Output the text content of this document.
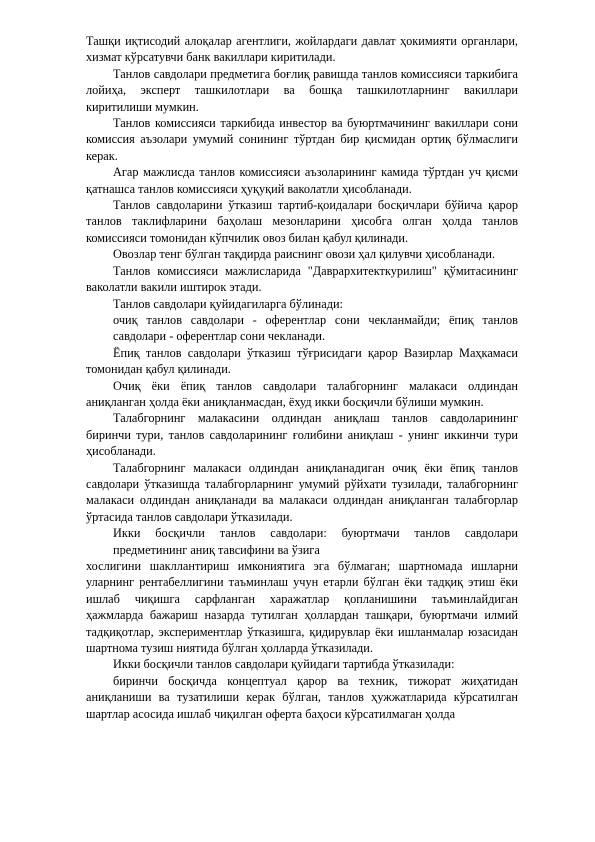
Ташқи иқтисодий алоқалар агентлиги, жойлардаги давлат ҳокимияти органлари, хизмат кўрсатувчи банк вакиллари киритилади.

Танлов савдолари предметига боғлиқ равишда танлов комиссияси таркибига лойиҳа, эксперт ташкилотлари ва бошқа ташкилотларнинг вакиллари киритилиши мумкин.

Танлов комиссияси таркибида инвестор ва буюртмачининг вакиллари сони комиссия аъзолари умумий сонининг тўртдан бир қисмидан ортиқ бўлмаслиги керак.

Агар мажлисда танлов комиссияси аъзоларининг камида тўртдан уч қисми қатнашса танлов комиссияси ҳуқуқий ваколатли ҳисобланади.

Танлов савдоларини ўтказиш тартиб-қоидалари босқичлари бўйича қарор танлов таклифларини баҳолаш мезонларини ҳисобга олган ҳолда танлов комиссияси томонидан кўпчилик овоз билан қабул қилинади.

Овозлар тенг бўлган тақдирда раиснинг овози ҳал қилувчи ҳисобланади.

Танлов комиссияси мажлисларида "Даврархитекткурилиш" қўмитасининг ваколатли вакили иштирок этади.

Танлов савдолари қуйидагиларга бўлинади:

очиқ танлов савдолари - оферентлар сони чекланмайди; ёпиқ танлов савдолари - оферентлар сони чекланади.

Ёпиқ танлов савдолари ўтказиш тўғрисидаги қарор Вазирлар Маҳкамаси томонидан қабул қилинади.

Очиқ ёки ёпиқ танлов савдолари талабгорнинг малакаси олдиндан аниқланган ҳолда ёки аниқланмасдан, ёхуд икки босқичли бўлиши мумкин.

Талабгорнинг малакасини олдиндан аниқлаш танлов савдоларининг биринчи тури, танлов савдоларининг ғолибини аниқлаш - унинг иккинчи тури ҳисобланади.

Талабгорнинг малакаси олдиндан аниқланадиган очиқ ёки ёпиқ танлов савдолари ўтказишда талабгорларнинг умумий рўйхати тузилади, талабгорнинг малакаси олдиндан аниқланади ва малакаси олдиндан аниқланган талабгорлар ўртасида танлов савдолари ўтказилади.

Икки босқичли танлов савдолари: буюртмачи танлов савдолари предметининг аниқ тавсифини ва ўзига

хослигини шакллантириш имкониятига эга бўлмаган; шартномада ишларни уларнинг рентабеллигини таъминлаш учун етарли бўлган ёки тадқиқ этиш ёки ишлаб чиқишга сарфланган харажатлар қопланишини таъминлайдиган ҳажмларда бажариш назарда тутилган ҳоллардан ташқари, буюртмачи илмий тадқиқотлар, экспериментлар ўтказишга, қидирувлар ёки ишланмалар юзасидан шартнома тузиш ниятида бўлган ҳолларда ўтказилади.

Икки босқичли танлов савдолари қуйидаги тартибда ўтказилади:

биринчи босқичда концептуал қарор ва техник, тижорат жиҳатидан аниқланиши ва тузатилиши керак бўлган, танлов ҳужжатларида кўрсатилган шартлар асосида ишлаб чиқилган оферта баҳоси кўрсатилмаган ҳолда
